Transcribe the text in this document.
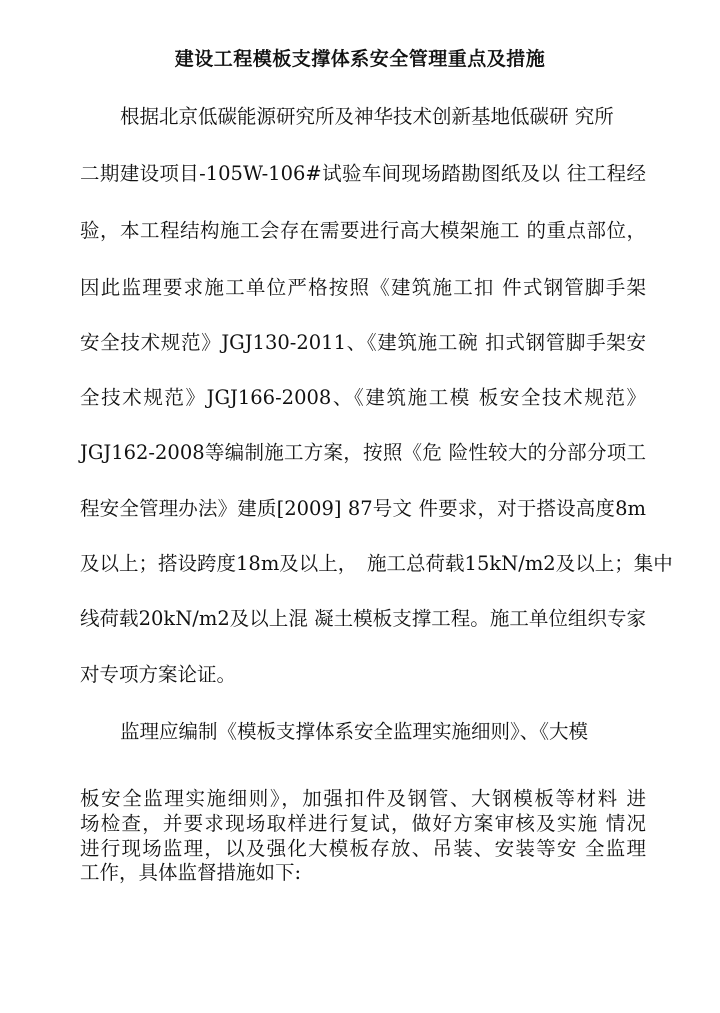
建设工程模板支撑体系安全管理重点及措施
根据北京低碳能源研究所及神华技术创新基地低碳研 究所
二期建设项目-105W-106#试验车间现场踏勘图纸及以 往工程经
验，本工程结构施工会存在需要进行高大模架施工 的重点部位，
因此监理要求施工单位严格按照《建筑施工扣 件式钢管脚手架
安全技术规范》JGJ130-2011、《建筑施工碗 扣式钢管脚手架安
全技术规范》JGJ166-2008、《建筑施工模 板安全技术规范》
JGJ162-2008等编制施工方案，按照《危 险性较大的分部分项工
程安全管理办法》建质[2009] 87号文 件要求，对于搭设高度8m
及以上；搭设跨度18m及以上，　施工总荷载15kN/m2及以上；集中
线荷载20kN/m2及以上混 凝土模板支撑工程。施工单位组织专家
对专项方案论证。
监理应编制《模板支撑体系安全监理实施细则》、《大模
板安全监理实施细则》，加强扣件及钢管、大钢模板等材料 进
场检查，并要求现场取样进行复试，做好方案审核及实施 情况
进行现场监理，以及强化大模板存放、吊装、安装等安 全监理
工作，具体监督措施如下:
